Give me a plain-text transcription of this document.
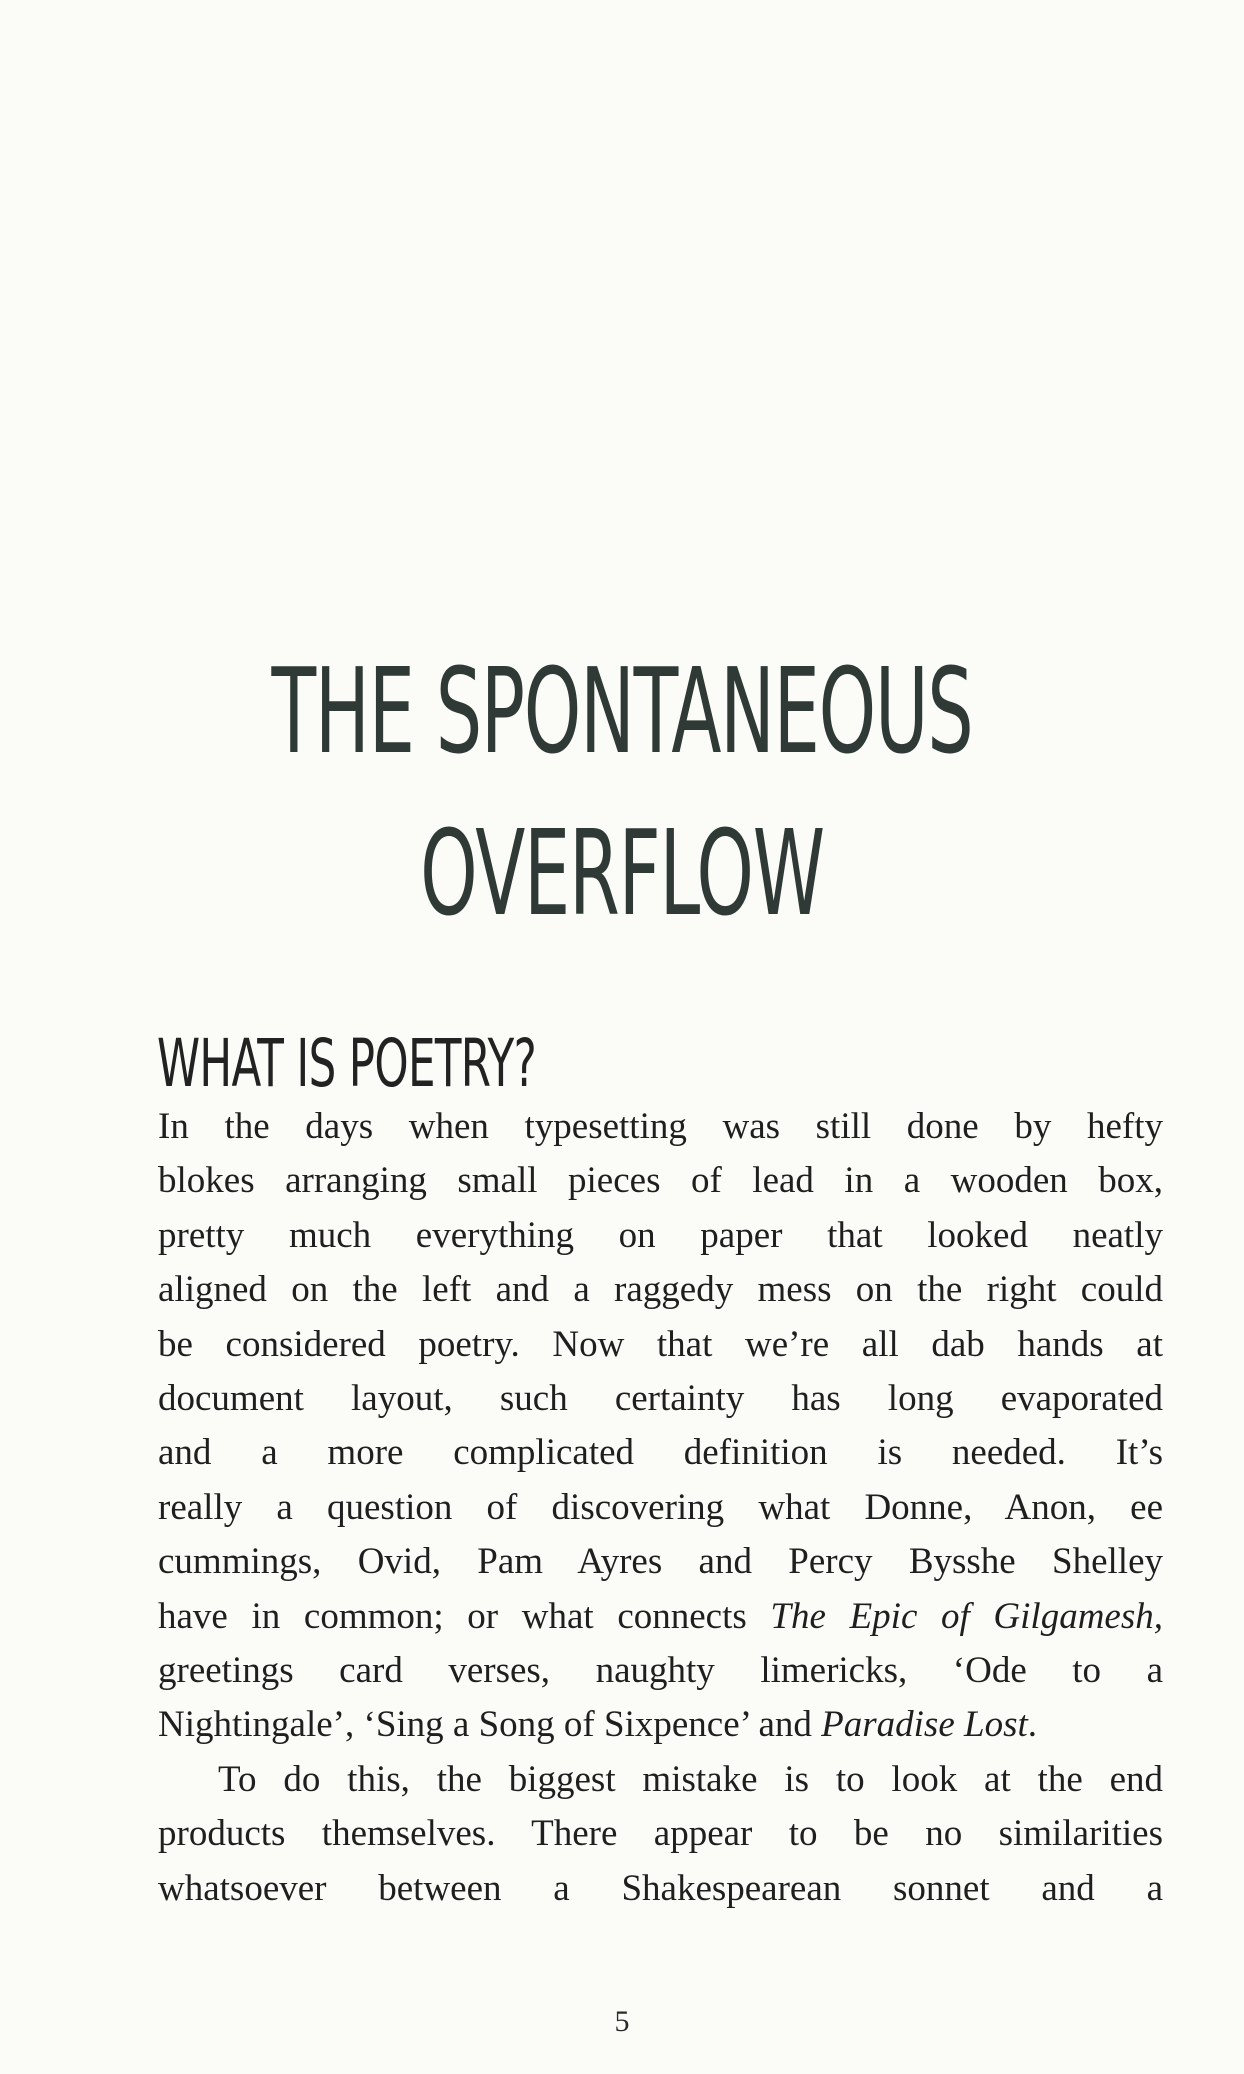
THE SPONTANEOUS
OVERFLOW
WHAT IS POETRY?

In the days when typesetting was still done by hefty
blokes arranging small pieces of lead in a wooden box,
pretty much everything on paper that looked neatly
aligned on the left and a raggedy mess on the right could
be considered poetry. Now that we’re all dab hands at
document layout, such certainty has long evaporated
and a more complicated definition is needed. It’s
really a question of discovering what Donne, Anon, ee
cummings, Ovid, Pam Ayres and Percy Bysshe Shelley
have in common; or what connects The Epic of Gilgamesh,
greetings card verses, naughty limericks, ‘Ode to a
Nightingale’, ‘Sing a Song of Sixpence’ and Paradise Lost.

To do this, the biggest mistake is to look at the end
products themselves. There appear to be no similarities
whatsoever between a Shakespearean sonnet and a

5
